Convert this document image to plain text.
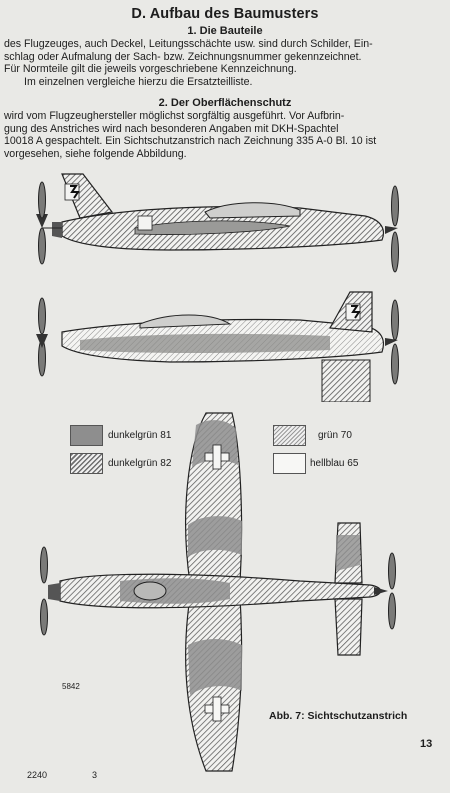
D. Aufbau des Baumusters
1. Die Bauteile
des Flugzeuges, auch Deckel, Leitungsschächte usw. sind durch Schilder, Ein-
schlag oder Aufmalung der Sach- bzw. Zeichnungsnummer gekennzeichnet.
Für Normteile gilt die jeweils vorgeschriebene Kennzeichnung.
Im einzelnen vergleiche hierzu die Ersatzteilliste.
2. Der Oberflächenschutz
wird vom Flugzeughersteller möglichst sorgfältig ausgeführt. Vor Aufbrin-
gung des Anstriches wird nach besonderen Angaben mit DKH-Spachtel
10018 A gespachtelt. Ein Sichtschutzanstrich nach Zeichnung 335 A-0 Bl. 10 ist
vorgesehen, siehe folgende Abbildung.
dunkelgrün 81
dunkelgrün 82
grün 70
hellblau 65
5842
Abb. 7: Sichtschutzanstrich
13
2240	3
